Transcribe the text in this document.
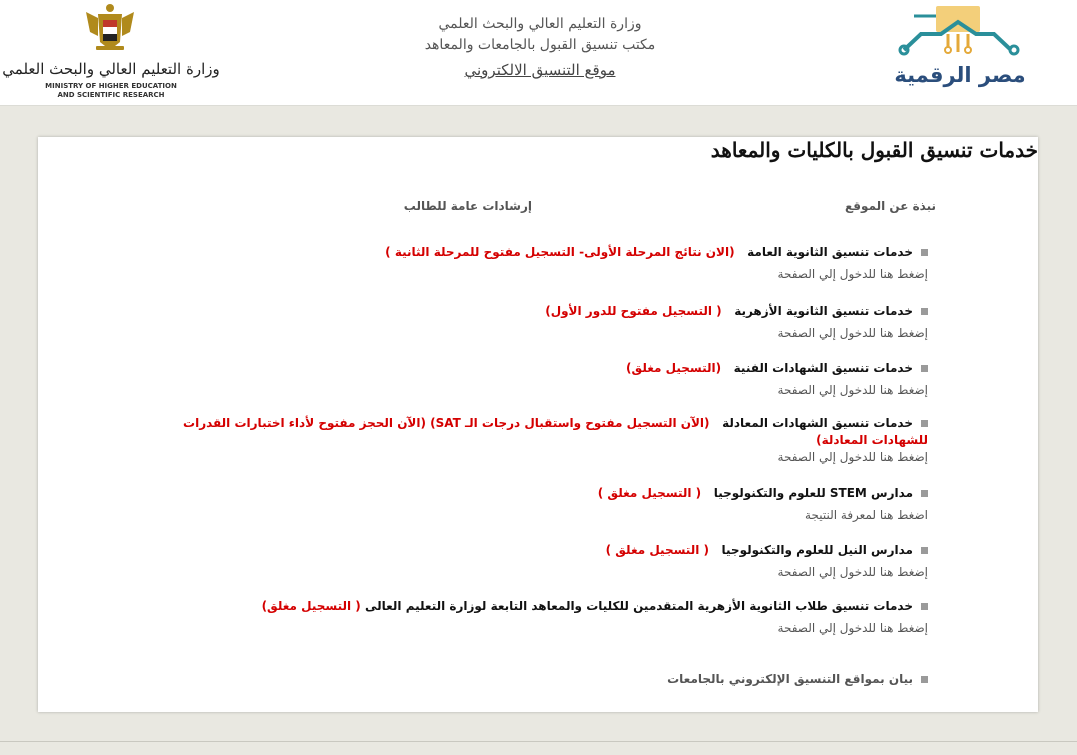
وزارة التعليم العالي والبحث العلمي
MINISTRY OF HIGHER EDUCATION
AND SCIENTIFIC RESEARCH
وزارة التعليم العالي والبحث العلمي
مكتب تنسيق القبول بالجامعات والمعاهد
موقع التنسيق الالكتروني	مصر الرقمية
خدمات تنسيق القبول بالكليات والمعاهد
نبذة عن الموقع
إرشادات عامة للطالب
خدمات تنسيق الثانوية العامة   (الان نتائج المرحلة الأولى- التسجيل مفتوح للمرحلة الثانية )
إضغط هنا للدخول إلي الصفحة
خدمات تنسيق الثانوية الأزهرية   ( التسجيل مفتوح للدور الأول)
إضغط هنا للدخول إلي الصفحة
خدمات تنسيق الشهادات الفنية   (التسجيل مغلق)
إضغط هنا للدخول إلي الصفحة
خدمات تنسيق الشهادات المعادلة   (الآن التسجيل مفتوح واستقبال درجات الـ SAT) (الآن الحجز مفتوح لأداء اختبارات القدرات للشهادات المعادلة)
إضغط هنا للدخول إلي الصفحة
مدارس STEM للعلوم والتكنولوجيا   ( التسجيل مغلق )
اضغط هنا لمعرفة النتيجة
مدارس النيل للعلوم والتكنولوجيا   ( التسجيل مغلق )
إضغط هنا للدخول إلي الصفحة
خدمات تنسيق طلاب الثانوية الأزهرية المتقدمين للكليات والمعاهد التابعة لوزارة التعليم العالى ( التسجيل مغلق)
إضغط هنا للدخول إلي الصفحة
بيان بمواقع التنسيق الإلكتروني بالجامعات
